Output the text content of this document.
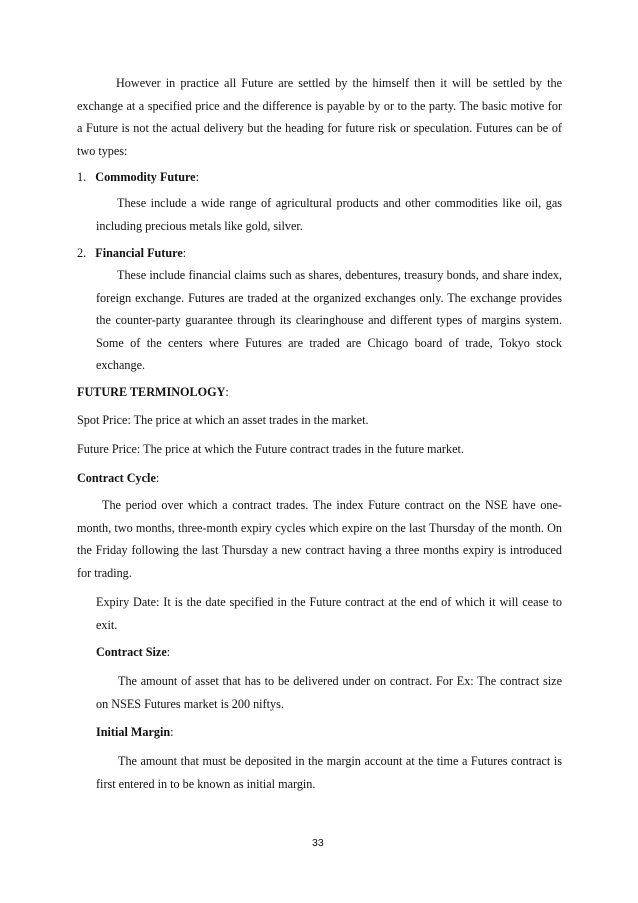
However in practice all Future are settled by the himself then it will be settled by the exchange at a specified price and the difference is payable by or to the party. The basic motive for a Future is not the actual delivery but the heading for future risk or speculation. Futures can be of two types:

1. Commodity Future:

These include a wide range of agricultural products and other commodities like oil, gas including precious metals like gold, silver.

2. Financial Future:

These include financial claims such as shares, debentures, treasury bonds, and share index, foreign exchange. Futures are traded at the organized exchanges only. The exchange provides the counter-party guarantee through its clearinghouse and different types of margins system. Some of the centers where Futures are traded are Chicago board of trade, Tokyo stock exchange.

FUTURE TERMINOLOGY:
Spot Price: The price at which an asset trades in the market.
Future Price: The price at which the Future contract trades in the future market.
Contract Cycle:

The period over which a contract trades. The index Future contract on the NSE have one-month, two months, three-month expiry cycles which expire on the last Thursday of the month. On the Friday following the last Thursday a new contract having a three months expiry is introduced for trading.

Expiry Date: It is the date specified in the Future contract at the end of which it will cease to exit.

Contract Size:

The amount of asset that has to be delivered under on contract. For Ex: The contract size on NSES Futures market is 200 niftys.

Initial Margin:

The amount that must be deposited in the margin account at the time a Futures contract is first entered in to be known as initial margin.

33
